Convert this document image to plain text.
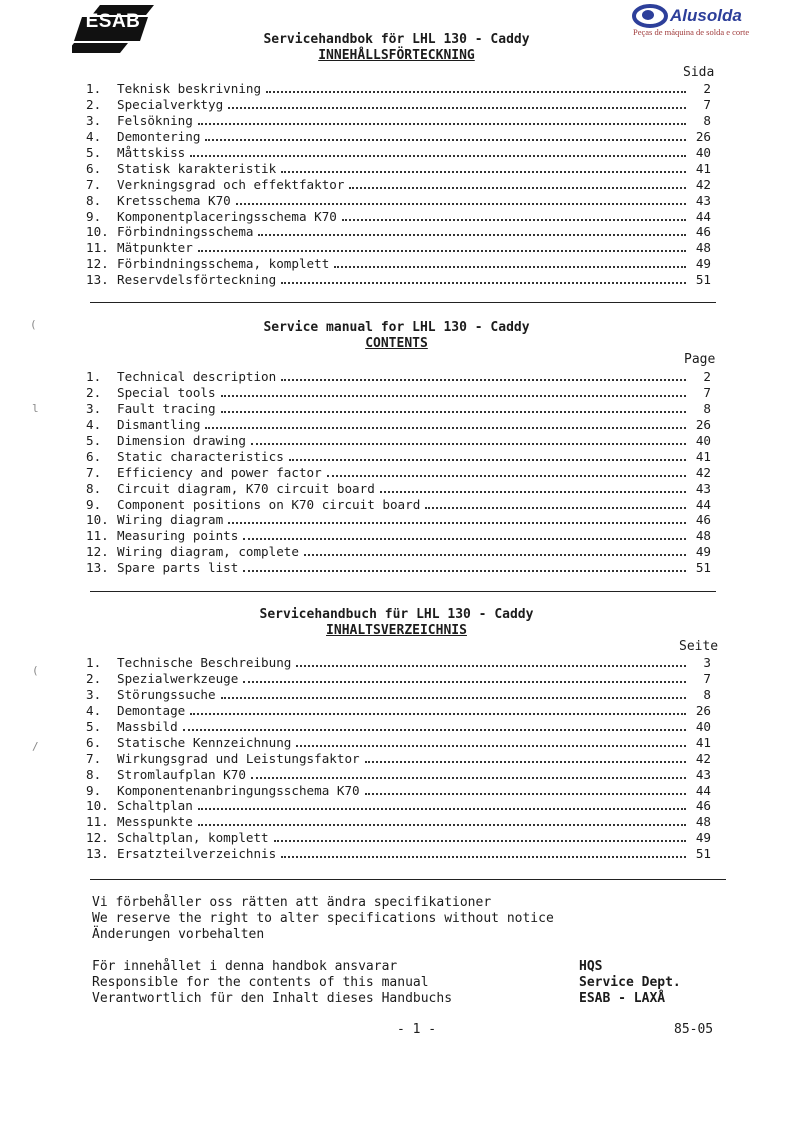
ESAB	Alusolda
Peças de máquina de solda e corte
Servicehandbok för LHL 130 - Caddy
INNEHÅLLSFÖRTECKNING
Sida
1.	Teknisk beskrivning	2
2.	Specialverktyg	7
3.	Felsökning	8
4.	Demontering	26
5.	Måttskiss	40
6.	Statisk karakteristik	41
7.	Verkningsgrad och effektfaktor	42
8.	Kretsschema K70	43
9.	Komponentplaceringsschema K70	44
10. Förbindningsschema	46
11. Mätpunkter	48
12. Förbindningsschema, komplett	49
13. Reservdelsförteckning	51
(	Service manual for LHL 130 - Caddy
CONTENTS
Page
1.	Technical description	2
2.	Special tools	7
3.	Fault tracing	8
4.	Dismantling	26
5.	Dimension drawing	40
6.	Static characteristics	41
7.	Efficiency and power factor	42
8.	Circuit diagram, K70 circuit board	43
9.	Component positions on K70 circuit board	44
10. Wiring diagram	46
11. Measuring points	48
12. Wiring diagram, complete	49
13. Spare parts list	51
l
Servicehandbuch für LHL 130 - Caddy
INHALTSVERZEICHNIS
Seite
1.	Technische Beschreibung	3
2.	Spezialwerkzeuge	7
3.	Störungssuche	8
4.	Demontage	26
5.	Massbild	40
6.	Statische Kennzeichnung	41
7.	Wirkungsgrad und Leistungsfaktor	42
8.	Stromlaufplan K70	43
9.	Komponentenanbringungsschema K70	44
10. Schaltplan	46
11. Messpunkte	48
12. Schaltplan, komplett	49
13. Ersatzteilverzeichnis	51
(
/
Vi förbehåller oss rätten att ändra specifikationer
We reserve the right to alter specifications without notice
Änderungen vorbehalten
För innehållet i denna handbok ansvarar
Responsible for the contents of this manual
Verantwortlich für den Inhalt dieses Handbuchs
HQS
Service Dept.
ESAB - LAXÅ
- 1 -	85-05
